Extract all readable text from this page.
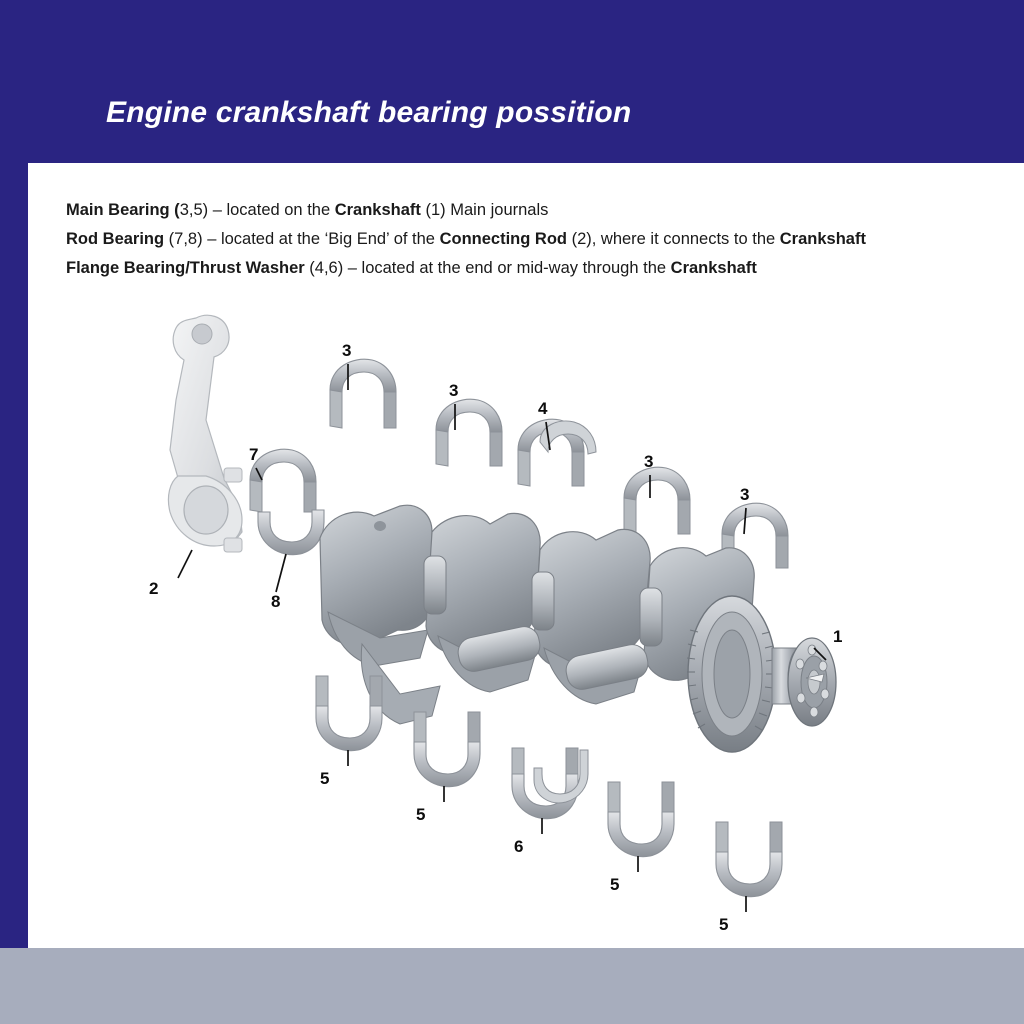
Engine crankshaft bearing possition
Main Bearing (3,5) – located on the Crankshaft (1) Main journals
Rod Bearing (7,8) – located at the ‘Big End’ of the Connecting Rod (2), where it connects to the Crankshaft
Flange Bearing/Thrust Washer (4,6) – located at the end or mid-way through the Crankshaft
3
3
4
3
3
7
2
8
1
5
5
6
5
5
